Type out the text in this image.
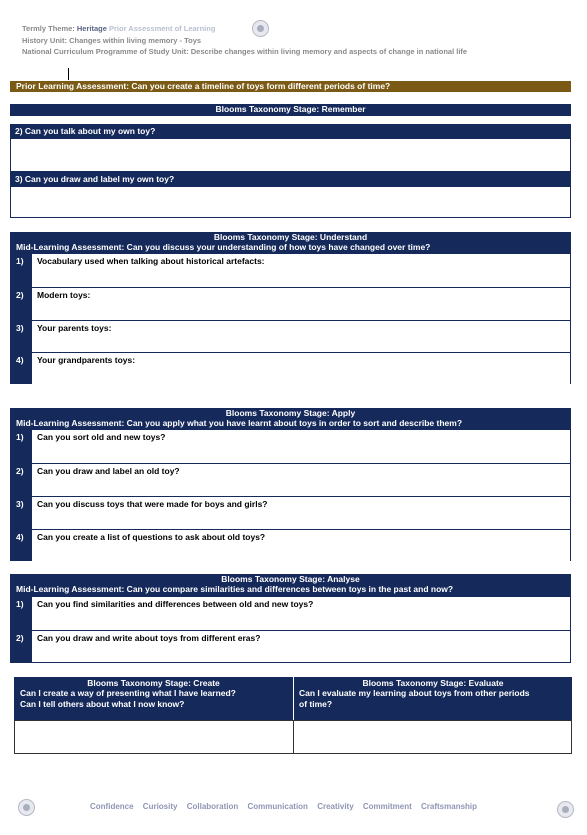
Termly Theme: Heritage Prior Assessment of Learning
History Unit: Changes within living memory - Toys
National Curriculum Programme of Study Unit: Describe changes within living memory and aspects of change in national life
Prior Learning Assessment: Can you create a timeline of toys form different periods of time?
Blooms Taxonomy Stage: Remember
2) Can you talk about my own toy?
3) Can you draw and label my own toy?
Blooms Taxonomy Stage: Understand
Mid-Learning Assessment: Can you discuss your understanding of how toys have changed over time?
Vocabulary used when talking about historical artefacts:
Modern toys:
Your parents toys:
Your grandparents toys:
1)
2)
3)
4)
Blooms Taxonomy Stage: Apply
Mid-Learning Assessment: Can you apply what you have learnt about toys in order to sort and describe them?
Can you sort old and new toys?
Can you draw and label an old toy?
Can you discuss toys that were made for boys and girls?
Can you create a list of questions to ask about old toys?
1)
2)
3)
4)
Blooms Taxonomy Stage: Analyse
Mid-Learning Assessment: Can you compare similarities and differences between toys in the past and now?
Can you find similarities and differences between old and new toys?
Can you draw and write about toys from different eras?
1)
2)
Blooms Taxonomy Stage: Create
Can I create a way of presenting what I have learned?
Can I tell others about what I now know?
Blooms Taxonomy Stage: Evaluate
Can I evaluate my learning about toys from other periods
of time?
Confidence Curiosity Collaboration Communication Creativity Commitment Craftsmanship
